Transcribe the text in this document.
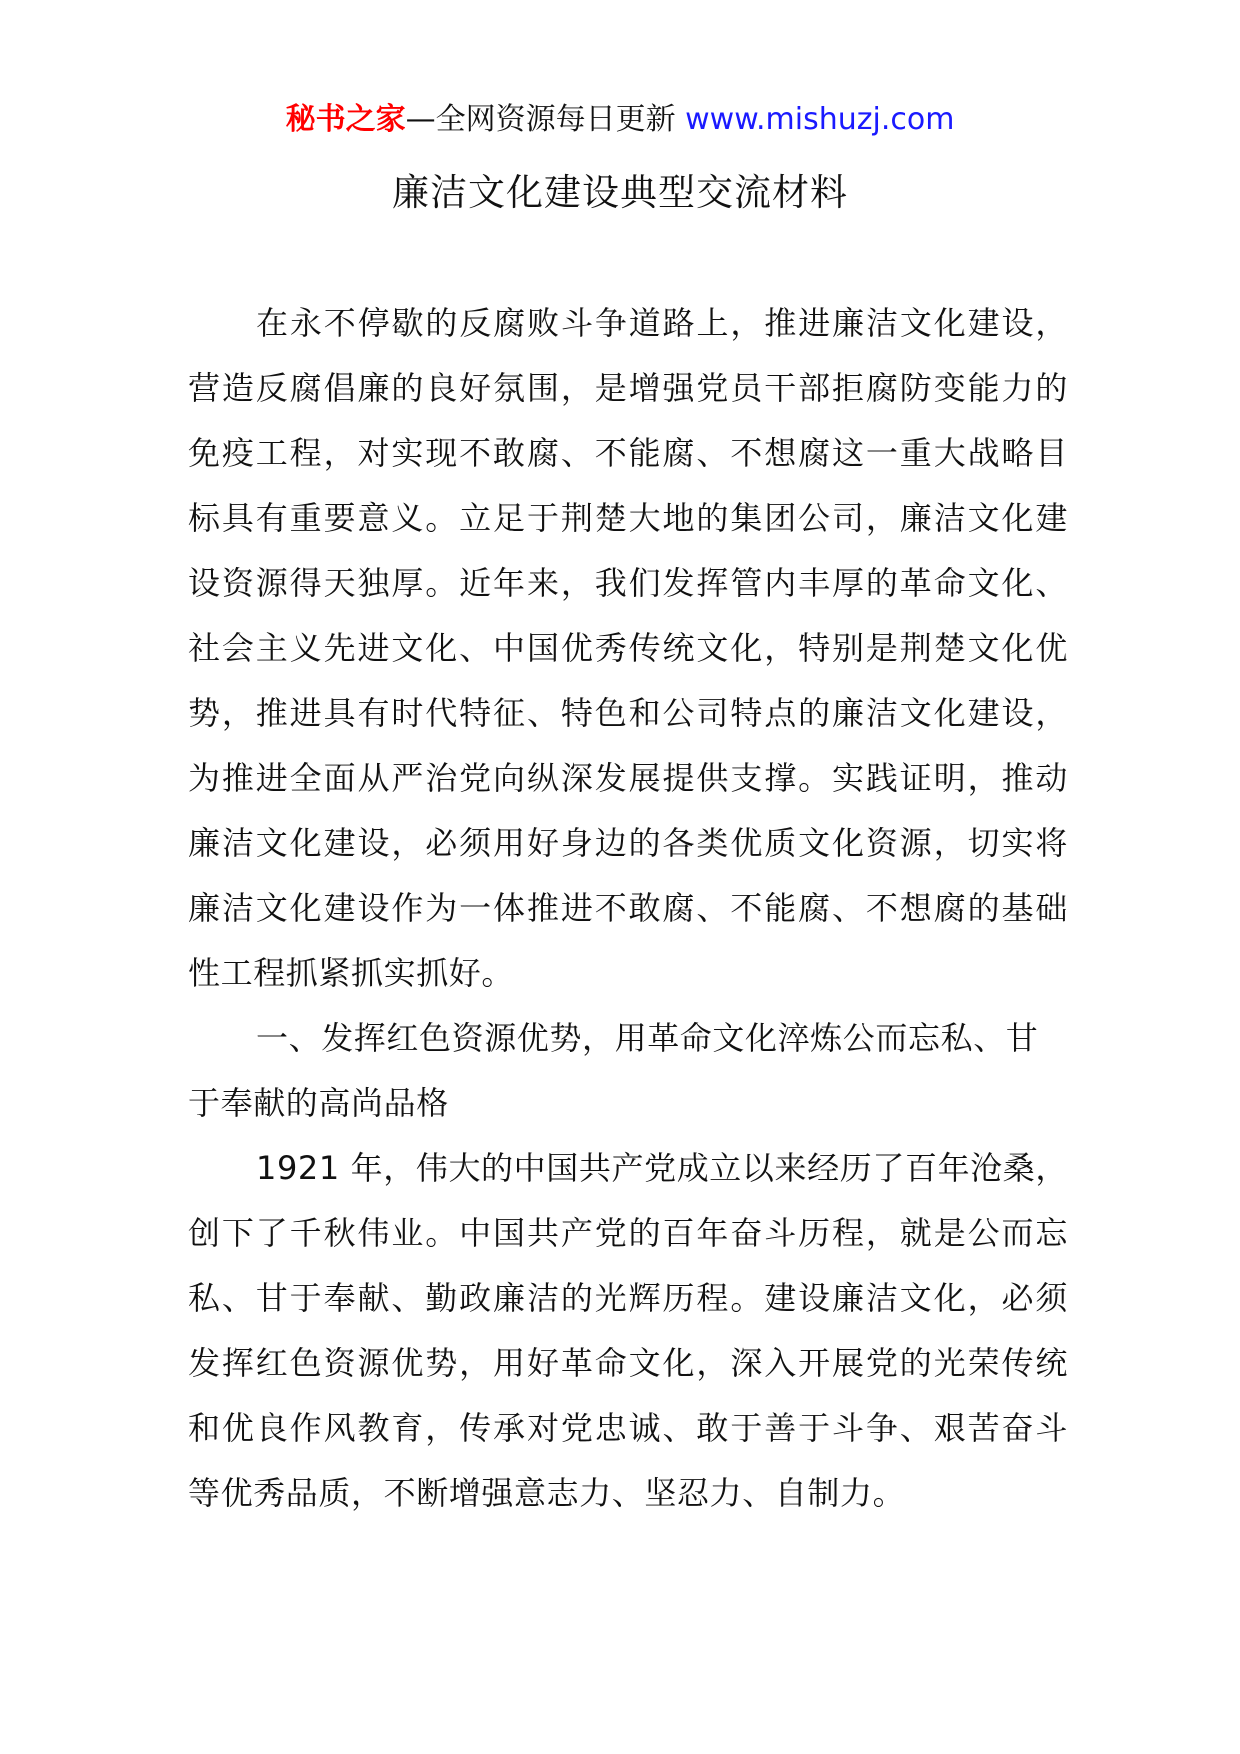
秘书之家—全网资源每日更新 www.mishuzj.com
廉洁文化建设典型交流材料

在永不停歇的反腐败斗争道路上，推进廉洁文化建设，营造反腐倡廉的良好氛围，是增强党员干部拒腐防变能力的免疫工程，对实现不敢腐、不能腐、不想腐这一重大战略目标具有重要意义。立足于荆楚大地的集团公司，廉洁文化建设资源得天独厚。近年来，我们发挥管内丰厚的革命文化、社会主义先进文化、中国优秀传统文化，特别是荆楚文化优势，推进具有时代特征、特色和公司特点的廉洁文化建设，为推进全面从严治党向纵深发展提供支撑。实践证明，推动廉洁文化建设，必须用好身边的各类优质文化资源，切实将廉洁文化建设作为一体推进不敢腐、不能腐、不想腐的基础性工程抓紧抓实抓好。

一、发挥红色资源优势，用革命文化淬炼公而忘私、甘于奉献的高尚品格

1921 年，伟大的中国共产党成立以来经历了百年沧桑，创下了千秋伟业。中国共产党的百年奋斗历程，就是公而忘私、甘于奉献、勤政廉洁的光辉历程。建设廉洁文化，必须发挥红色资源优势，用好革命文化，深入开展党的光荣传统和优良作风教育，传承对党忠诚、敢于善于斗争、艰苦奋斗等优秀品质，不断增强意志力、坚忍力、自制力。
